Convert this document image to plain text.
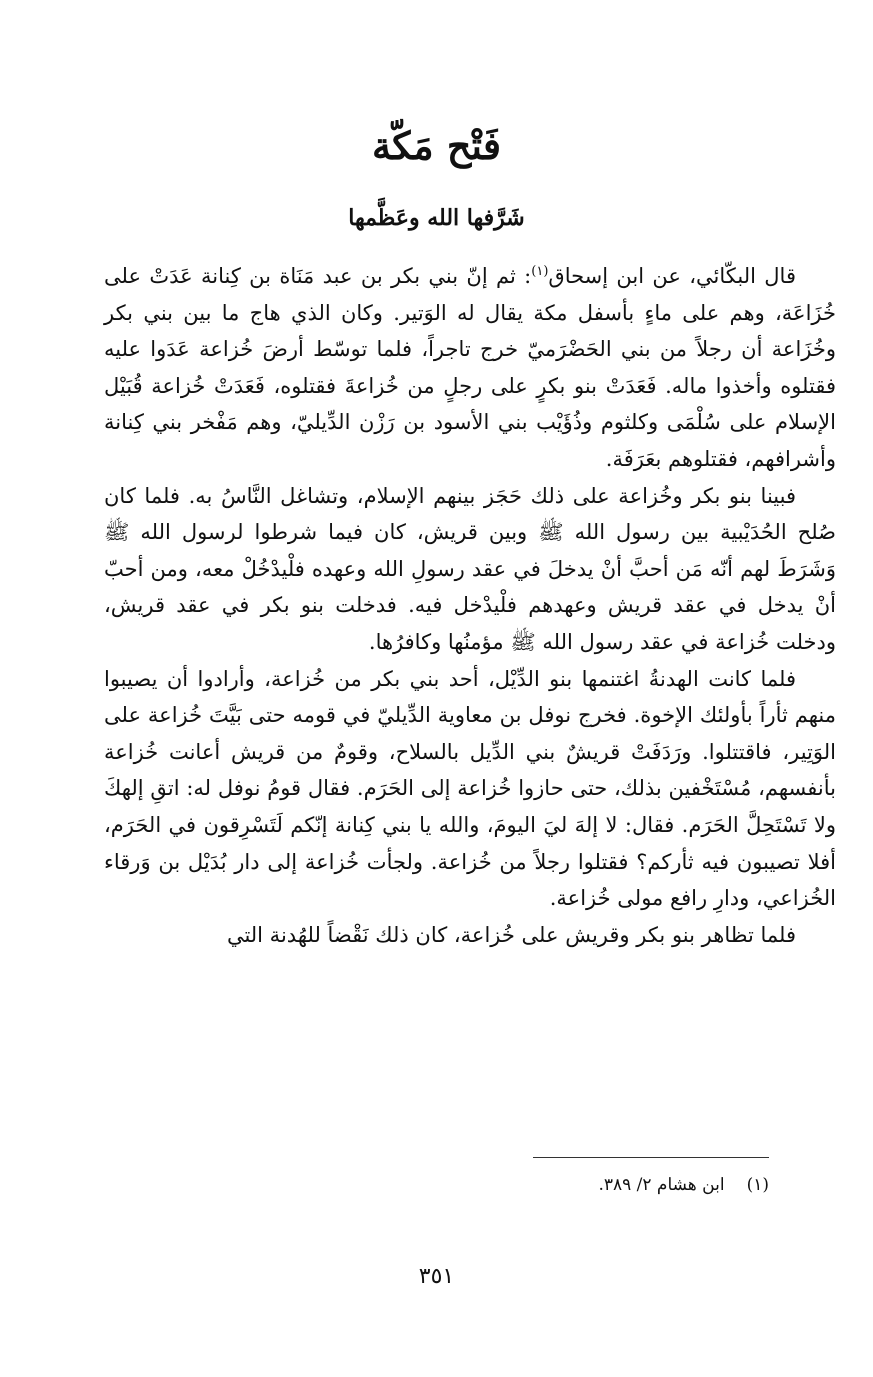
فَتْح مَكّة
شَرَّفها الله وعَظَّمها

قال البكّائي، عن ابن إسحاق$^{(١)}$: ثم إنّ بني بكر بن عبد مَنَاة بن كِنانة عَدَتْ على خُزَاعَة، وهم على ماءٍ بأسفل مكة يقال له الوَتير. وكان الذي هاج ما بين بني بكر وخُزَاعة أن رجلاً من بني الحَضْرَميّ خرج تاجراً، فلما توسّط أرضَ خُزاعة عَدَوا عليه فقتلوه وأخذوا ماله. فَعَدَتْ بنو بكرٍ على رجلٍ من خُزاعةَ فقتلوه، فَعَدَتْ خُزاعة قُبَيْل الإسلام على سُلْمَى وكلثوم وذُؤَيْب بني الأسود بن رَزْن الدِّيليّ، وهم مَفْخر بني كِنانة وأشرافهم، فقتلوهم بعَرَفَة.

فبينا بنو بكر وخُزاعة على ذلك حَجَز بينهم الإسلام، وتشاغل النَّاسُ به. فلما كان صُلح الحُدَيْبية بين رسول الله ﷺ وبين قريش، كان فيما شرطوا لرسول الله ﷺ وَشَرَطَ لهم أنّه مَن أحبَّ أنْ يدخلَ في عقد رسولِ الله وعهده فلْيدْخُلْ معه، ومن أحبّ أنْ يدخل في عقد قريش وعهدهم فلْيدْخل فيه. فدخلت بنو بكر في عقد قريش، ودخلت خُزاعة في عقد رسول الله ﷺ مؤمنُها وكافرُها.

فلما كانت الهدنةُ اغتنمها بنو الدِّيْل، أحد بني بكر من خُزاعة، وأرادوا أن يصيبوا منهم ثأراً بأولئك الإخوة. فخرج نوفل بن معاوية الدِّيليّ في قومه حتى بَيَّتَ خُزاعة على الوَتِير، فاقتتلوا. ورَدَفَتْ قريشٌ بني الدِّيل بالسلاح، وقومٌ من قريش أعانت خُزاعة بأنفسهم، مُسْتَخْفين بذلك، حتى حازوا خُزاعة إلى الحَرَم. فقال قومُ نوفل له: اتقِ إلهكَ ولا تَسْتَحِلَّ الحَرَم. فقال: لا إلهَ ليَ اليومَ، والله يا بني كِنانة إنّكم لَتَسْرِقون في الحَرَم، أفلا تصيبون فيه ثأركم؟ فقتلوا رجلاً من خُزاعة. ولجأت خُزاعة إلى دار بُدَيْل بن وَرقاء الخُزاعي، ودارِ رافع مولى خُزاعة.

فلما تظاهر بنو بكر وقريش على خُزاعة، كان ذلك نَقْضاً للهُدنة التي

(١)ابن هشام ٢/ ٣٨٩.

٣٥١
